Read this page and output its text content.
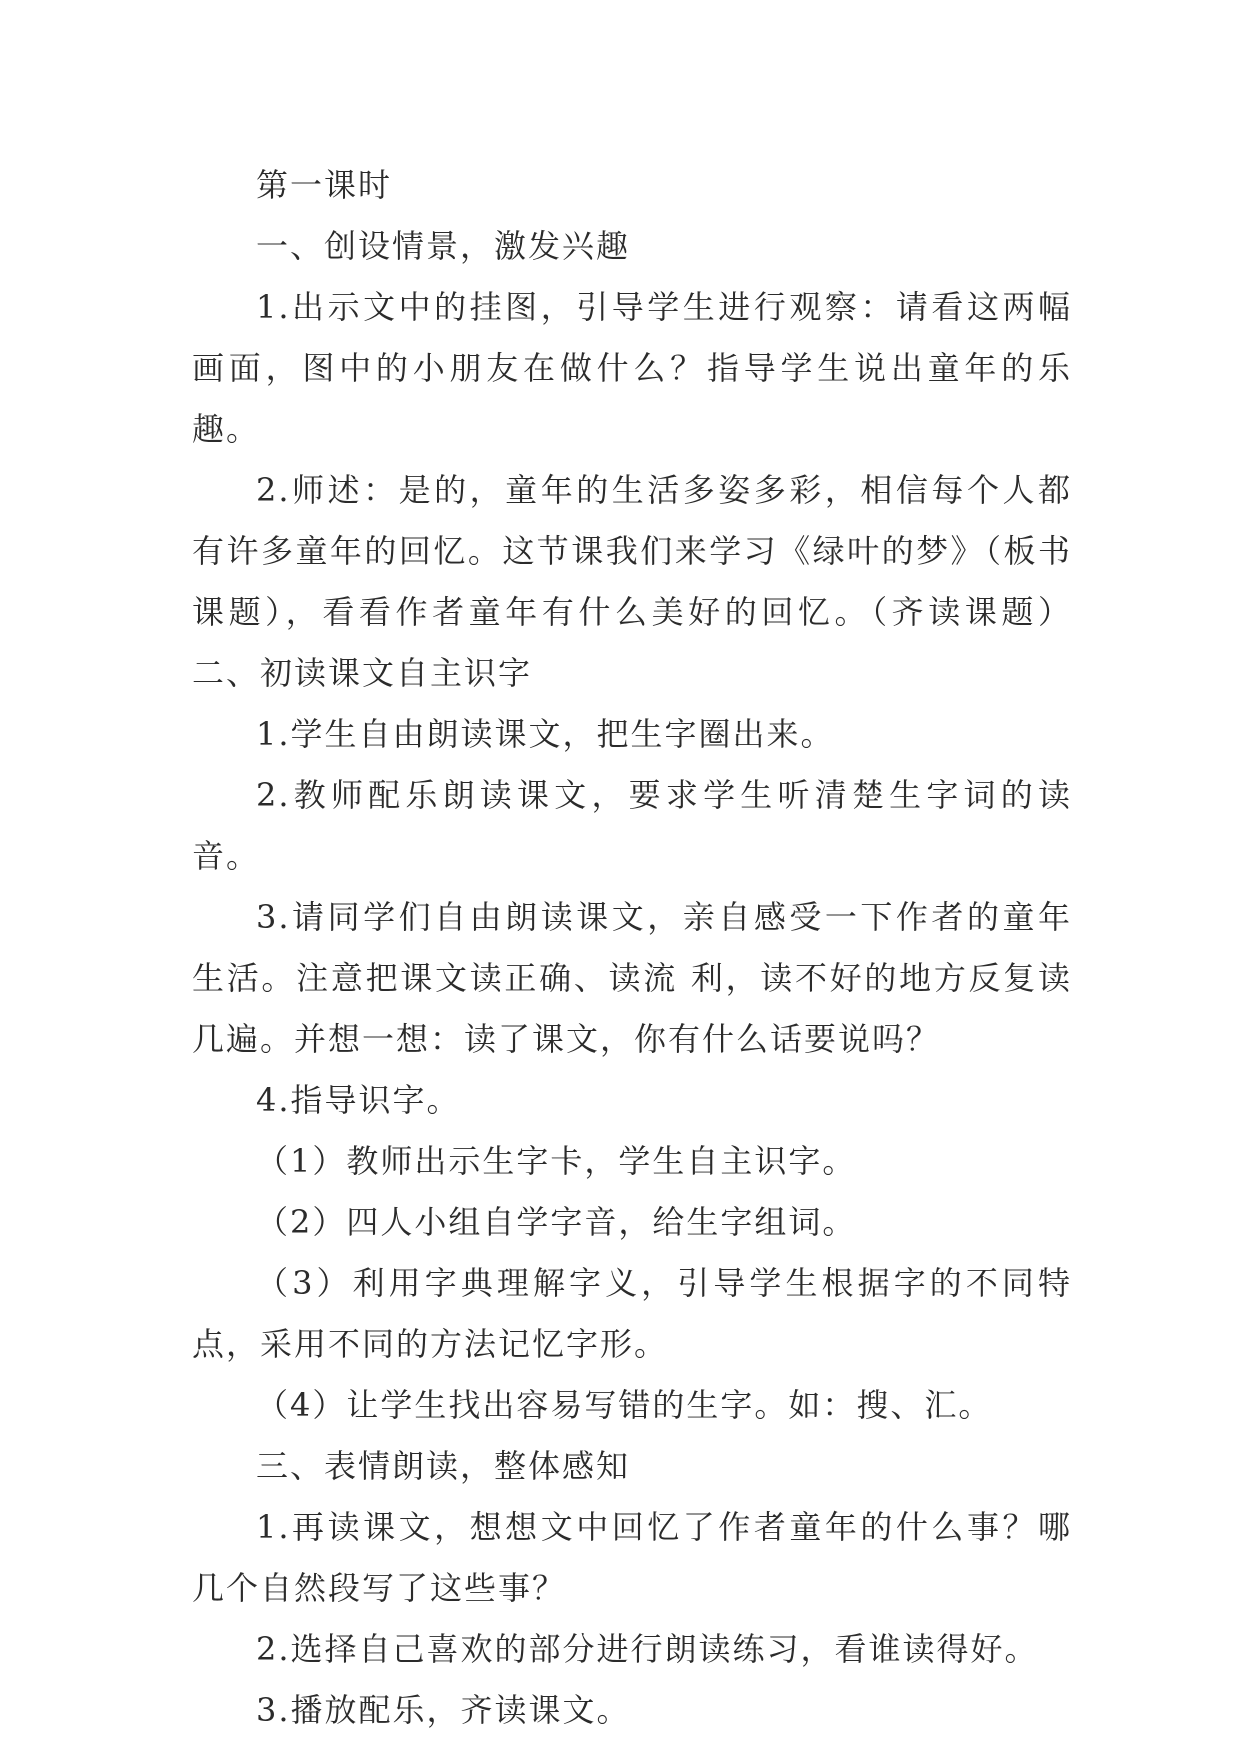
第一课时

一、创设情景，激发兴趣

1.出示文中的挂图，引导学生进行观察：请看这两幅画面，图中的小朋友在做什么？指导学生说出童年的乐趣。

2.师述：是的，童年的生活多姿多彩，相信每个人都有许多童年的回忆。这节课我们来学习《绿叶的梦》（板书课题），看看作者童年有什么美好的回忆。（齐读课题）二、初读课文自主识字

1.学生自由朗读课文，把生字圈出来。

2.教师配乐朗读课文，要求学生听清楚生字词的读音。

3.请同学们自由朗读课文，亲自感受一下作者的童年生活。注意把课文读正确、读流 利，读不好的地方反复读几遍。并想一想：读了课文，你有什么话要说吗？

4.指导识字。

（1）教师出示生字卡，学生自主识字。

（2）四人小组自学字音，给生字组词。

（3）利用字典理解字义，引导学生根据字的不同特点，采用不同的方法记忆字形。

（4）让学生找出容易写错的生字。如：搜、汇。

三、表情朗读，整体感知

1.再读课文，想想文中回忆了作者童年的什么事？哪几个自然段写了这些事？

2.选择自己喜欢的部分进行朗读练习，看谁读得好。

3.播放配乐，齐读课文。
